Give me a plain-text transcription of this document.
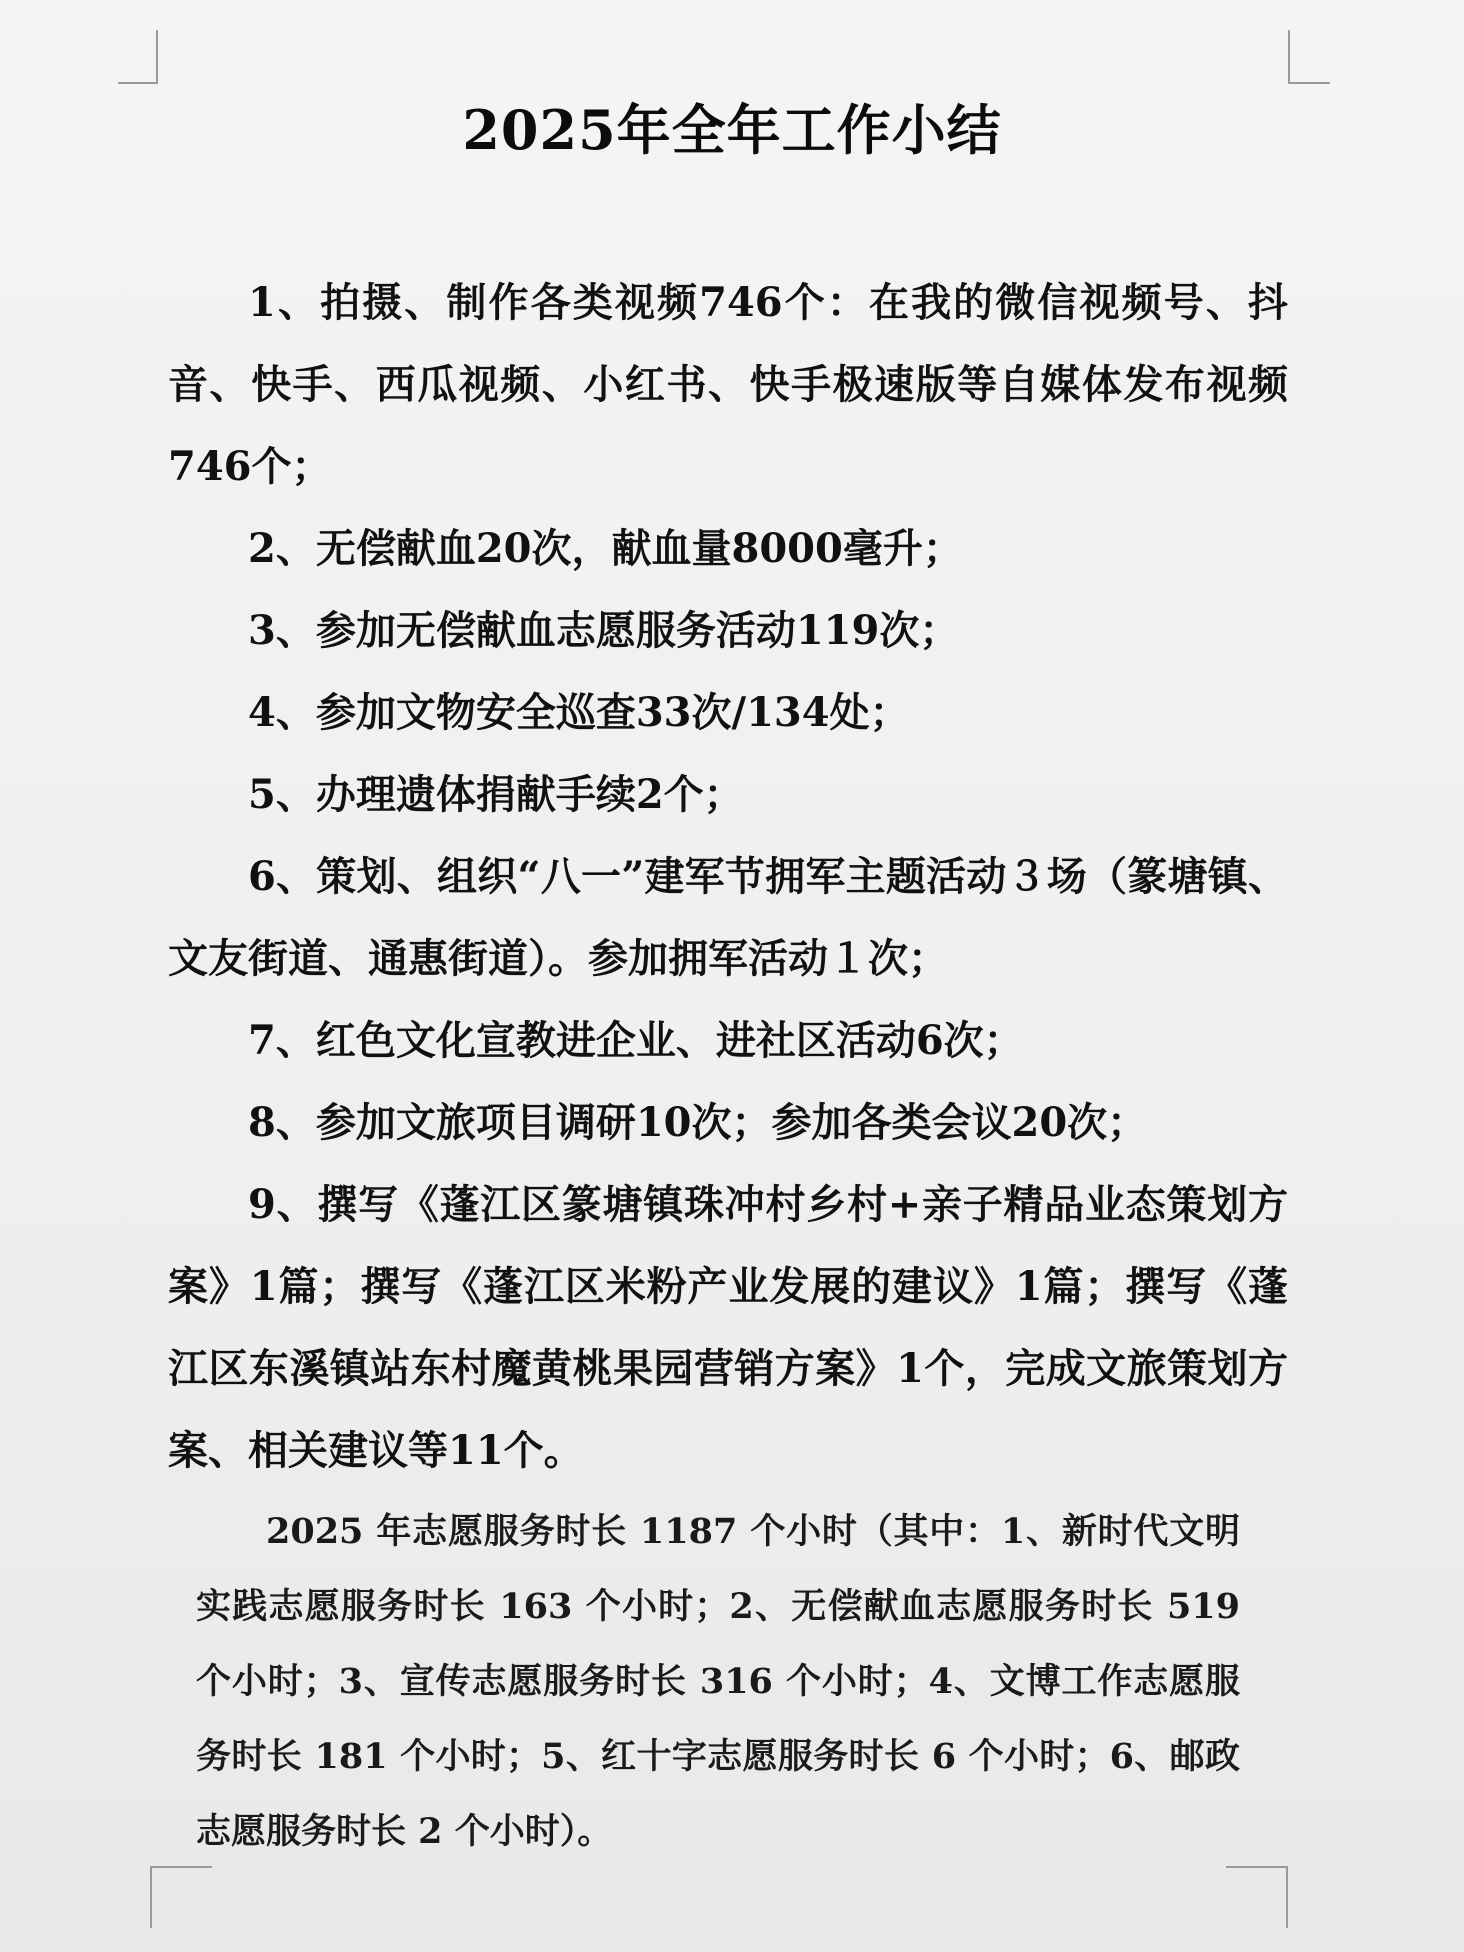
2025年全年工作小结

1、拍摄、制作各类视频746个：在我的微信视频号、抖音、快手、西瓜视频、小红书、快手极速版等自媒体发布视频746个；

2、无偿献血20次，献血量8000毫升；

3、参加无偿献血志愿服务活动119次；

4、参加文物安全巡查33次/134处；

5、办理遗体捐献手续2个；

6、策划、组织“八一”建军节拥军主题活动３场（篆塘镇、文友街道、通惠街道）。参加拥军活动１次；

7、红色文化宣教进企业、进社区活动6次；

8、参加文旅项目调研10次；参加各类会议20次；

9、撰写《蓬江区篆塘镇珠冲村乡村+亲子精品业态策划方案》1篇；撰写《蓬江区米粉产业发展的建议》1篇；撰写《蓬江区东溪镇站东村魔黄桃果园营销方案》1个，完成文旅策划方案、相关建议等11个。

2025 年志愿服务时长 1187 个小时（其中：1、新时代文明实践志愿服务时长 163 个小时；2、无偿献血志愿服务时长 519 个小时；3、宣传志愿服务时长 316 个小时；4、文博工作志愿服务时长 181 个小时；5、红十字志愿服务时长 6 个小时；6、邮政志愿服务时长 2 个小时）。
